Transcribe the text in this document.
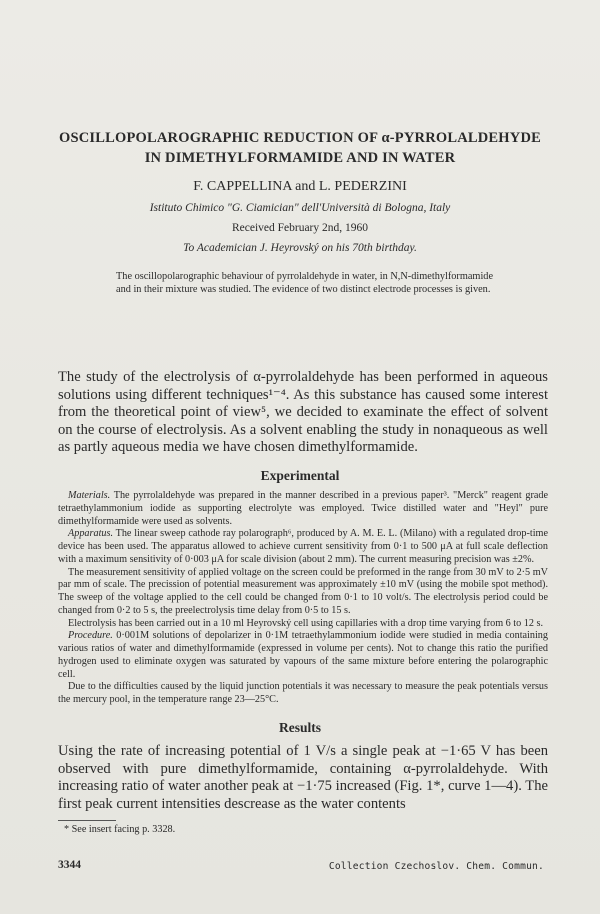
OSCILLOPOLAROGRAPHIC REDUCTION OF α-PYRROLALDEHYDE
IN DIMETHYLFORMAMIDE AND IN WATER
F. CAPPELLINA and L. PEDERZINI
Istituto Chimico "G. Ciamician" dell'Università di Bologna, Italy
Received February 2nd, 1960
To Academician J. Heyrovský on his 70th birthday.
The oscillopolarographic behaviour of pyrrolaldehyde in water, in N,N-dimethylformamide and in their mixture was studied. The evidence of two distinct electrode processes is given.
The study of the electrolysis of α-pyrrolaldehyde has been performed in aqueous solutions using different techniques¹⁻⁴. As this substance has caused some interest from the theoretical point of view⁵, we decided to examinate the effect of solvent on the course of electrolysis. As a solvent enabling the study in nonaqueous as well as partly aqueous media we have chosen dimethylformamide.
Experimental

Materials. The pyrrolaldehyde was prepared in the manner described in a previous paper³. "Merck" reagent grade tetraethylammonium iodide as supporting electrolyte was employed. Twice distilled water and "Heyl" pure dimethylformamide were used as solvents.

Apparatus. The linear sweep cathode ray polarograph⁶, produced by A. M. E. L. (Milano) with a regulated drop-time device has been used. The apparatus allowed to achieve current sensitivity from 0·1 to 500 μA at full scale deflection with a maximum sensitivity of 0·003 μA for scale division (about 2 mm). The current measuring precision was ±2%.

The measurement sensitivity of applied voltage on the screen could be preformed in the range from 30 mV to 2·5 mV par mm of scale. The precission of potential measurement was approximately ±10 mV (using the mobile spot method). The sweep of the voltage applied to the cell could be changed from 0·1 to 10 volt/s. The electrolysis period could be changed from 0·2 to 5 s, the preelectrolysis time delay from 0·5 to 15 s.

Electrolysis has been carried out in a 10 ml Heyrovský cell using capillaries with a drop time varying from 6 to 12 s.

Procedure. 0·001M solutions of depolarizer in 0·1M tetraethylammonium iodide were studied in media containing various ratios of water and dimethylformamide (expressed in volume per cents). Not to change this ratio the purified hydrogen used to eliminate oxygen was saturated by vapours of the same mixture before entering the polarographic cell.

Due to the difficulties caused by the liquid junction potentials it was necessary to measure the peak potentials versus the mercury pool, in the temperature range 23—25°C.

Results
Using the rate of increasing potential of 1 V/s a single peak at −1·65 V has been observed with pure dimethylformamide, containing α-pyrrolaldehyde. With increasing ratio of water another peak at −1·75 increased (Fig. 1*, curve 1—4). The first peak current intensities descrease as the water contents
* See insert facing p. 3328.
3344	Collection Czechoslov. Chem. Commun.
